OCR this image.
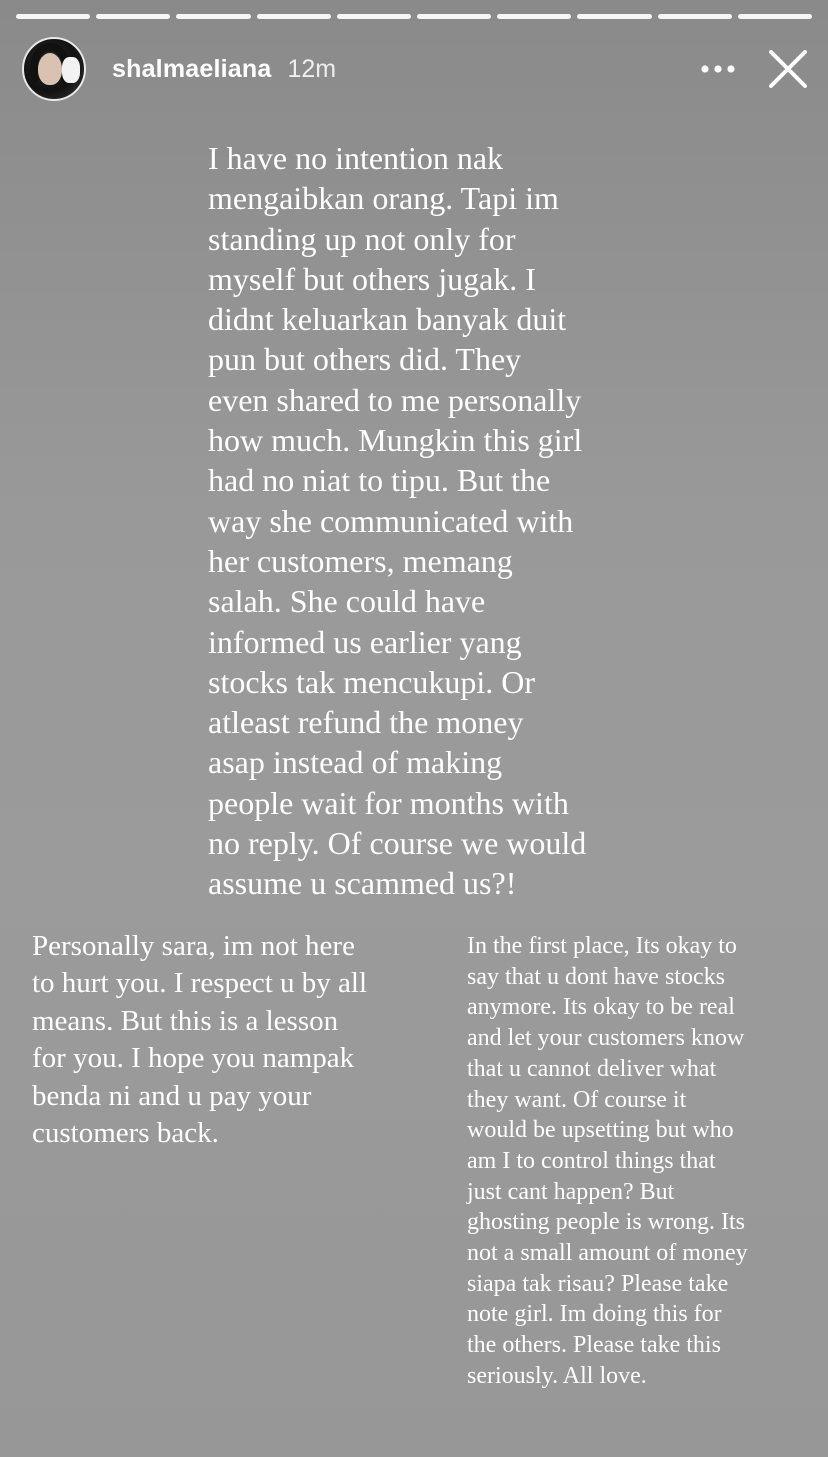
shalmaeliana 12m

I have no intention nak
mengaibkan orang. Tapi im
standing up not only for
myself but others jugak. I
didnt keluarkan banyak duit
pun but others did. They
even shared to me personally
how much. Mungkin this girl
had no niat to tipu. But the
way she communicated with
her customers, memang
salah. She could have
informed us earlier yang
stocks tak mencukupi. Or
atleast refund the money
asap instead of making
people wait for months with
no reply. Of course we would
assume u scammed us?!

Personally sara, im not here
to hurt you. I respect u by all
means. But this is a lesson
for you. I hope you nampak
benda ni and u pay your
customers back.

In the first place, Its okay to
say that u dont have stocks
anymore. Its okay to be real
and let your customers know
that u cannot deliver what
they want. Of course it
would be upsetting but who
am I to control things that
just cant happen? But
ghosting people is wrong. Its
not a small amount of money
siapa tak risau? Please take
note girl. Im doing this for
the others. Please take this
seriously. All love.
